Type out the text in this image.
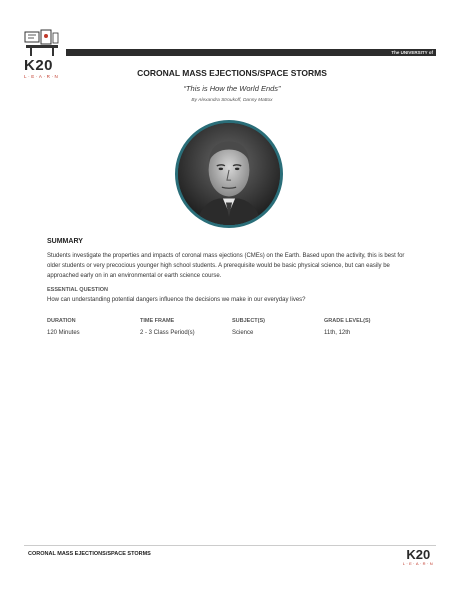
K20
L·E·A·R·N
The UNIVERSITY of
CORONAL MASS EJECTIONS/SPACE STORMS
“This is How the World Ends”
By Alexandra Stroukoff, Danny Mattox
SUMMARY
Students investigate the properties and impacts of coronal mass ejections (CMEs) on the Earth. Based upon the activity, this is best for older students or very precocious younger high school students. A prerequisite would be basic physical science, but can easily be approached early on in an environmental or earth science course.
ESSENTIAL QUESTION
How can understanding potential dangers influence the decisions we make in our everyday lives?
DURATION
120 Minutes
TIME FRAME
2 - 3 Class Period(s)
SUBJECT(S)
Science
GRADE LEVEL(S)
11th, 12th
CORONAL MASS EJECTIONS/SPACE STORMS	K20
L·E·A·R·N
